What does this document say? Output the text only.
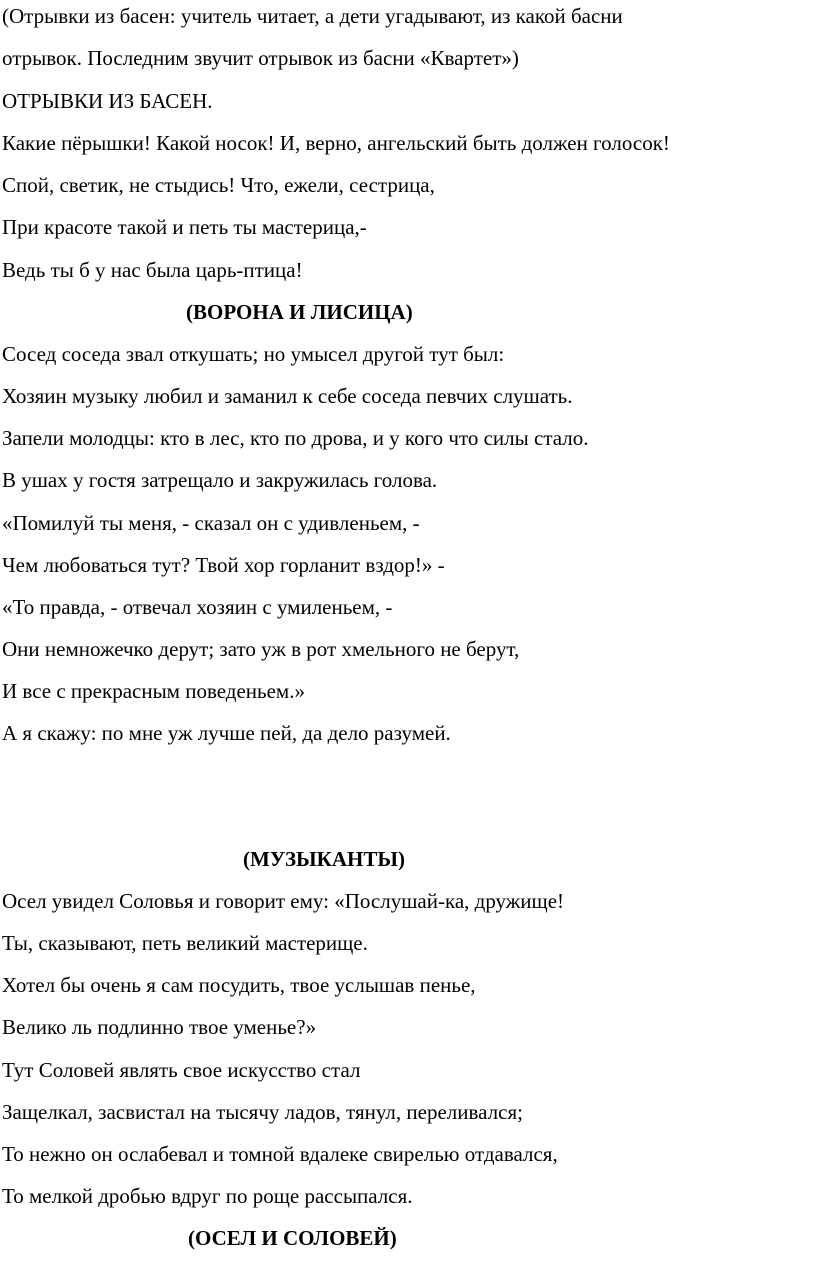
(Отрывки из басен: учитель читает, а дети угадывают, из какой басни
отрывок. Последним звучит отрывок из басни «Квартет»)
ОТРЫВКИ ИЗ БАСЕН.
Какие пёрышки! Какой носок! И, верно, ангельский быть должен голосок!
Спой, светик, не стыдись! Что, ежели, сестрица,
При красоте такой и петь ты мастерица,-
Ведь ты б у нас была царь-птица!
(ВОРОНА И ЛИСИЦА)
Сосед соседа звал откушать; но умысел другой тут был:
Хозяин музыку любил и заманил к себе соседа певчих слушать.
Запели молодцы: кто в лес, кто по дрова, и у кого что силы стало.
В ушах у гостя затрещало и закружилась голова.
«Помилуй ты меня, - сказал он с удивленьем, -
Чем любоваться тут? Твой хор горланит вздор!» -
«То правда, - отвечал хозяин с умиленьем, -
Они немножечко дерут; зато уж в рот хмельного не берут,
И все с прекрасным поведеньем.»
А я скажу: по мне уж лучше пей, да дело разумей.
(МУЗЫКАНТЫ)
Осел увидел Соловья и говорит ему: «Послушай-ка, дружище!
Ты, сказывают, петь великий мастерище.
Хотел бы очень я сам посудить, твое услышав пенье,
Велико ль подлинно твое уменье?»
Тут Соловей являть свое искусство стал
Защелкал, засвистал на тысячу ладов, тянул, переливался;
То нежно он ослабевал и томной вдалеке свирелью отдавался,
То мелкой дробью вдруг по роще рассыпался.
(ОСЕЛ И СОЛОВЕЙ)
